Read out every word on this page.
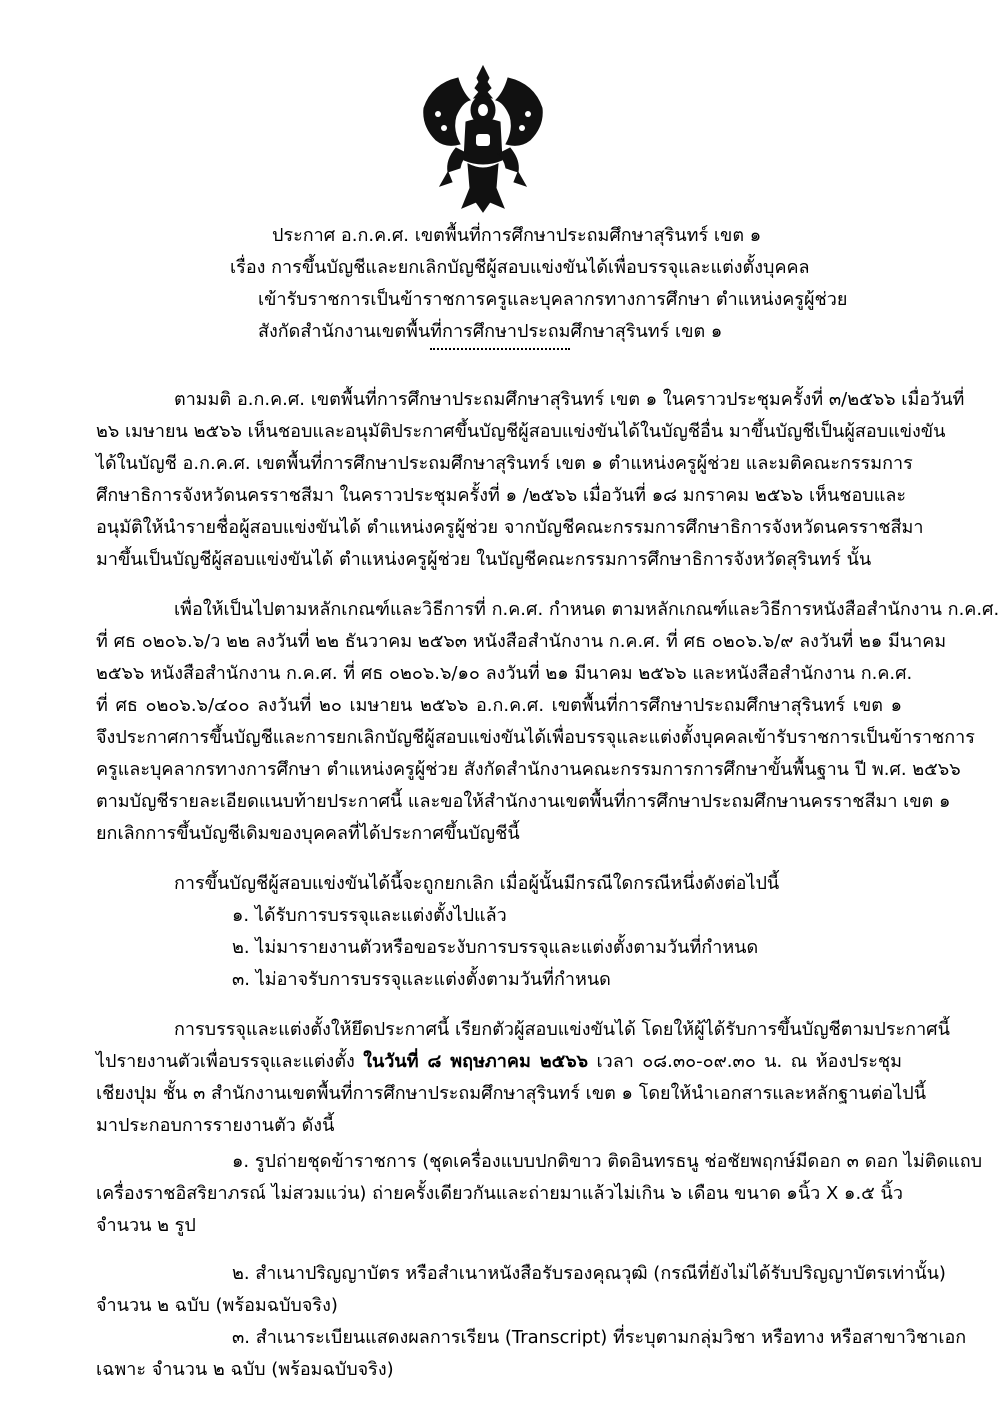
ประกาศ อ.ก.ค.ศ. เขตพื้นที่การศึกษาประถมศึกษาสุรินทร์ เขต ๑
เรื่อง การขึ้นบัญชีและยกเลิกบัญชีผู้สอบแข่งขันได้เพื่อบรรจุและแต่งตั้งบุคคล
เข้ารับราชการเป็นข้าราชการครูและบุคลากรทางการศึกษา ตำแหน่งครูผู้ช่วย
สังกัดสำนักงานเขตพื้นที่การศึกษาประถมศึกษาสุรินทร์ เขต ๑
ตามมติ อ.ก.ค.ศ. เขตพื้นที่การศึกษาประถมศึกษาสุรินทร์ เขต ๑ ในคราวประชุมครั้งที่ ๓/๒๕๖๖ เมื่อวันที่
๒๖ เมษายน ๒๕๖๖ เห็นชอบและอนุมัติประกาศขึ้นบัญชีผู้สอบแข่งขันได้ในบัญชีอื่น มาขึ้นบัญชีเป็นผู้สอบแข่งขัน
ได้ในบัญชี อ.ก.ค.ศ. เขตพื้นที่การศึกษาประถมศึกษาสุรินทร์ เขต ๑ ตำแหน่งครูผู้ช่วย และมติคณะกรรมการ
ศึกษาธิการจังหวัดนครราชสีมา ในคราวประชุมครั้งที่ ๑ /๒๕๖๖ เมื่อวันที่ ๑๘ มกราคม ๒๕๖๖ เห็นชอบและ
อนุมัติให้นำรายชื่อผู้สอบแข่งขันได้ ตำแหน่งครูผู้ช่วย จากบัญชีคณะกรรมการศึกษาธิการจังหวัดนครราชสีมา
มาขึ้นเป็นบัญชีผู้สอบแข่งขันได้ ตำแหน่งครูผู้ช่วย ในบัญชีคณะกรรมการศึกษาธิการจังหวัดสุรินทร์ นั้น
เพื่อให้เป็นไปตามหลักเกณฑ์และวิธีการที่ ก.ค.ศ. กำหนด ตามหลักเกณฑ์และวิธีการหนังสือสำนักงาน ก.ค.ศ.
ที่ ศธ ๐๒๐๖.๖/ว ๒๒ ลงวันที่ ๒๒ ธันวาคม ๒๕๖๓ หนังสือสำนักงาน ก.ค.ศ. ที่ ศธ ๐๒๐๖.๖/๙ ลงวันที่ ๒๑ มีนาคม
๒๕๖๖ หนังสือสำนักงาน ก.ค.ศ. ที่ ศธ ๐๒๐๖.๖/๑๐ ลงวันที่ ๒๑ มีนาคม ๒๕๖๖ และหนังสือสำนักงาน ก.ค.ศ.
ที่ ศธ ๐๒๐๖.๖/๔๐๐ ลงวันที่ ๒๐ เมษายน ๒๕๖๖ อ.ก.ค.ศ. เขตพื้นที่การศึกษาประถมศึกษาสุรินทร์ เขต ๑
จึงประกาศการขึ้นบัญชีและการยกเลิกบัญชีผู้สอบแข่งขันได้เพื่อบรรจุและแต่งตั้งบุคคลเข้ารับราชการเป็นข้าราชการ
ครูและบุคลากรทางการศึกษา ตำแหน่งครูผู้ช่วย สังกัดสำนักงานคณะกรรมการการศึกษาขั้นพื้นฐาน ปี พ.ศ. ๒๕๖๖
ตามบัญชีรายละเอียดแนบท้ายประกาศนี้ และขอให้สำนักงานเขตพื้นที่การศึกษาประถมศึกษานครราชสีมา เขต ๑
ยกเลิกการขึ้นบัญชีเดิมของบุคคลที่ได้ประกาศขึ้นบัญชีนี้
การขึ้นบัญชีผู้สอบแข่งขันได้นี้จะถูกยกเลิก เมื่อผู้นั้นมีกรณีใดกรณีหนึ่งดังต่อไปนี้
๑. ได้รับการบรรจุและแต่งตั้งไปแล้ว
๒. ไม่มารายงานตัวหรือขอระงับการบรรจุและแต่งตั้งตามวันที่กำหนด
๓. ไม่อาจรับการบรรจุและแต่งตั้งตามวันที่กำหนด
การบรรจุและแต่งตั้งให้ยึดประกาศนี้ เรียกตัวผู้สอบแข่งขันได้ โดยให้ผู้ได้รับการขึ้นบัญชีตามประกาศนี้
ไปรายงานตัวเพื่อบรรจุและแต่งตั้ง ในวันที่ ๘ พฤษภาคม ๒๕๖๖ เวลา ๐๘.๓๐-๐๙.๓๐ น. ณ ห้องประชุม
เชียงปุม ชั้น ๓ สำนักงานเขตพื้นที่การศึกษาประถมศึกษาสุรินทร์ เขต ๑ โดยให้นำเอกสารและหลักฐานต่อไปนี้
มาประกอบการรายงานตัว ดังนี้
๑. รูปถ่ายชุดข้าราชการ (ชุดเครื่องแบบปกติขาว ติดอินทรธนู ช่อชัยพฤกษ์มีดอก ๓ ดอก ไม่ติดแถบ
เครื่องราชอิสริยาภรณ์ ไม่สวมแว่น) ถ่ายครั้งเดียวกันและถ่ายมาแล้วไม่เกิน ๖ เดือน ขนาด ๑นิ้ว X ๑.๕ นิ้ว
จำนวน ๒ รูป
๒. สำเนาปริญญาบัตร หรือสำเนาหนังสือรับรองคุณวุฒิ (กรณีที่ยังไม่ได้รับปริญญาบัตรเท่านั้น)
จำนวน ๒ ฉบับ (พร้อมฉบับจริง)
๓. สำเนาระเบียนแสดงผลการเรียน (Transcript) ที่ระบุตามกลุ่มวิชา หรือทาง หรือสาขาวิชาเอก
เฉพาะ จำนวน ๒ ฉบับ (พร้อมฉบับจริง)
